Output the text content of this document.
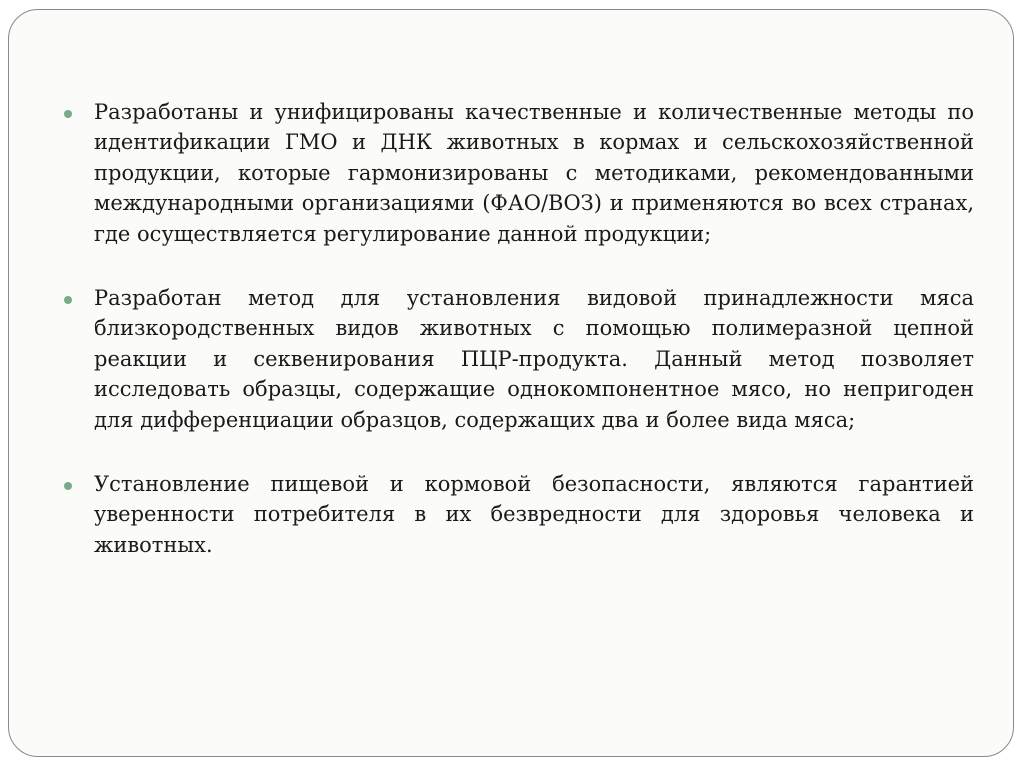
Разработаны и унифицированы качественные и количественные методы по идентификации ГМО и ДНК животных в кормах и сельскохозяйственной продукции, которые гармонизированы с методиками, рекомендованными международными организациями (ФАО/ВОЗ) и применяются во всех странах, где осуществляется регулирование данной продукции;
Разработан метод для установления видовой принадлежности мяса близкородственных видов животных с помощью полимеразной цепной реакции и секвенирования ПЦР-продукта. Данный метод позволяет исследовать образцы, содержащие однокомпонентное мясо, но непригоден для дифференциации образцов, содержащих два и более вида мяса;
Установление пищевой и кормовой безопасности, являются гарантией уверенности потребителя в их безвредности для здоровья человека и животных.
